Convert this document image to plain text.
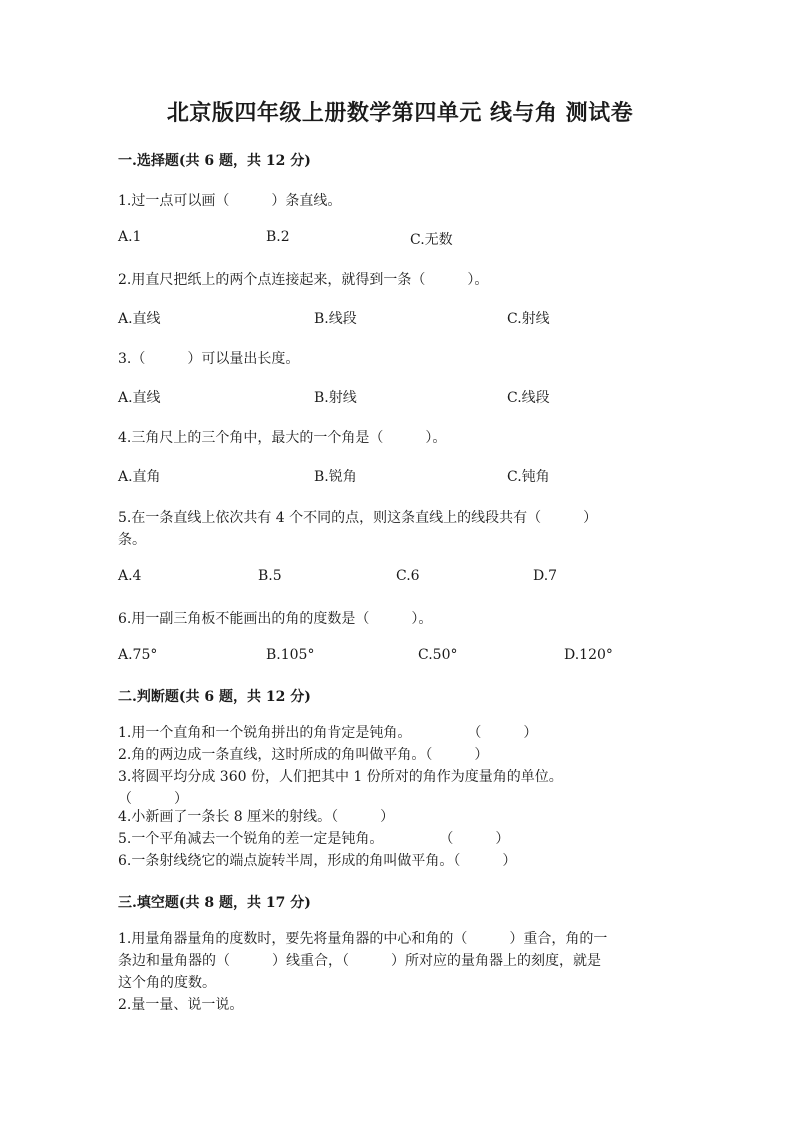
北京版四年级上册数学第四单元 线与角 测试卷
一.选择题(共 6 题，共 12 分)
1.过一点可以画（　　　）条直线。
A.1	B.2	C.无数
2.用直尺把纸上的两个点连接起来，就得到一条（　　　）。
A.直线	B.线段	C.射线
3.（　　　）可以量出长度。
A.直线	B.射线	C.线段
4.三角尺上的三个角中，最大的一个角是（　　　）。
A.直角	B.锐角	C.钝角
5.在一条直线上依次共有 4 个不同的点，则这条直线上的线段共有（　　　）
条。
A.4	B.5	C.6	D.7
6.用一副三角板不能画出的角的度数是（　　　）。
A.75°	B.105°	C.50°	D.120°
二.判断题(共 6 题，共 12 分)
1.用一个直角和一个锐角拼出的角肯定是钝角。　　　　　（　　　）
2.角的两边成一条直线，这时所成的角叫做平角。（　　　）
3.将圆平均分成 360 份，人们把其中 1 份所对的角作为度量角的单位。
（　　　）
4.小新画了一条长 8 厘米的射线。（　　　）
5.一个平角减去一个锐角的差一定是钝角。　　　　　（　　　）
6.一条射线绕它的端点旋转半周，形成的角叫做平角。（　　　）
三.填空题(共 8 题，共 17 分)
1.用量角器量角的度数时，要先将量角器的中心和角的（　　　）重合，角的一
条边和量角器的（　　　）线重合，（　　　）所对应的量角器上的刻度，就是
这个角的度数。
2.量一量、说一说。
